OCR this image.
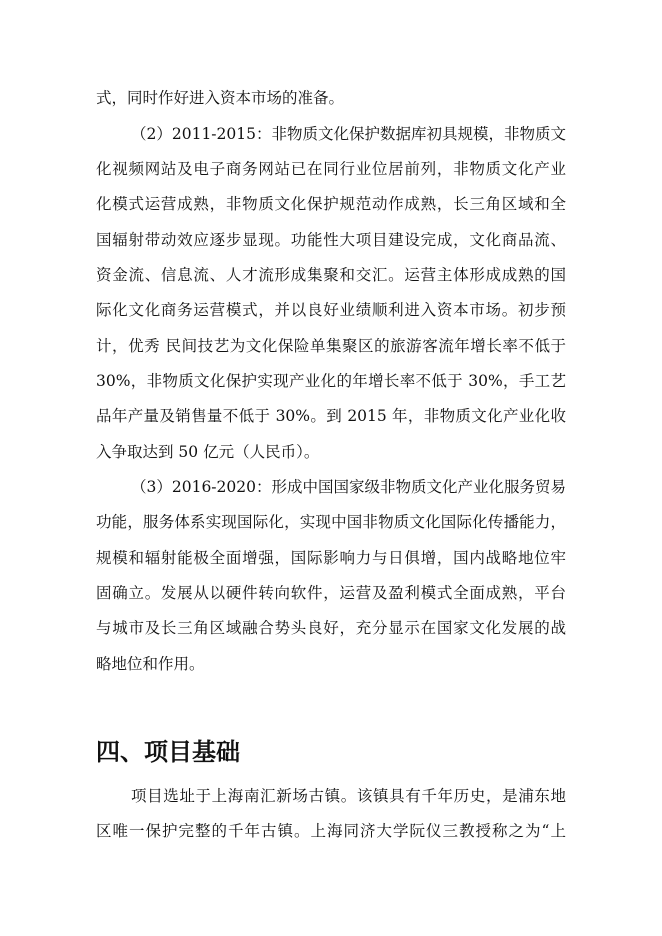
式，同时作好进入资本市场的准备。
（2）2011-2015：非物质文化保护数据库初具规模，非物质文
化视频网站及电子商务网站已在同行业位居前列，非物质文化产业
化模式运营成熟，非物质文化保护规范动作成熟，长三角区域和全
国辐射带动效应逐步显现。功能性大项目建设完成，文化商品流、
资金流、信息流、人才流形成集聚和交汇。运营主体形成成熟的国
际化文化商务运营模式，并以良好业绩顺利进入资本市场。初步预
计，优秀 民间技艺为文化保险单集聚区的旅游客流年增长率不低于
30%，非物质文化保护实现产业化的年增长率不低于 30%，手工艺
品年产量及销售量不低于 30%。到 2015 年，非物质文化产业化收
入争取达到 50 亿元（人民币）。
（3）2016-2020：形成中国国家级非物质文化产业化服务贸易
功能，服务体系实现国际化，实现中国非物质文化国际化传播能力，
规模和辐射能极全面增强，国际影响力与日俱增，国内战略地位牢
固确立。发展从以硬件转向软件，运营及盈利模式全面成熟，平台
与城市及长三角区域融合势头良好，充分显示在国家文化发展的战
略地位和作用。
四、项目基础
项目选址于上海南汇新场古镇。该镇具有千年历史，是浦东地
区唯一保护完整的千年古镇。上海同济大学阮仪三教授称之为“上
